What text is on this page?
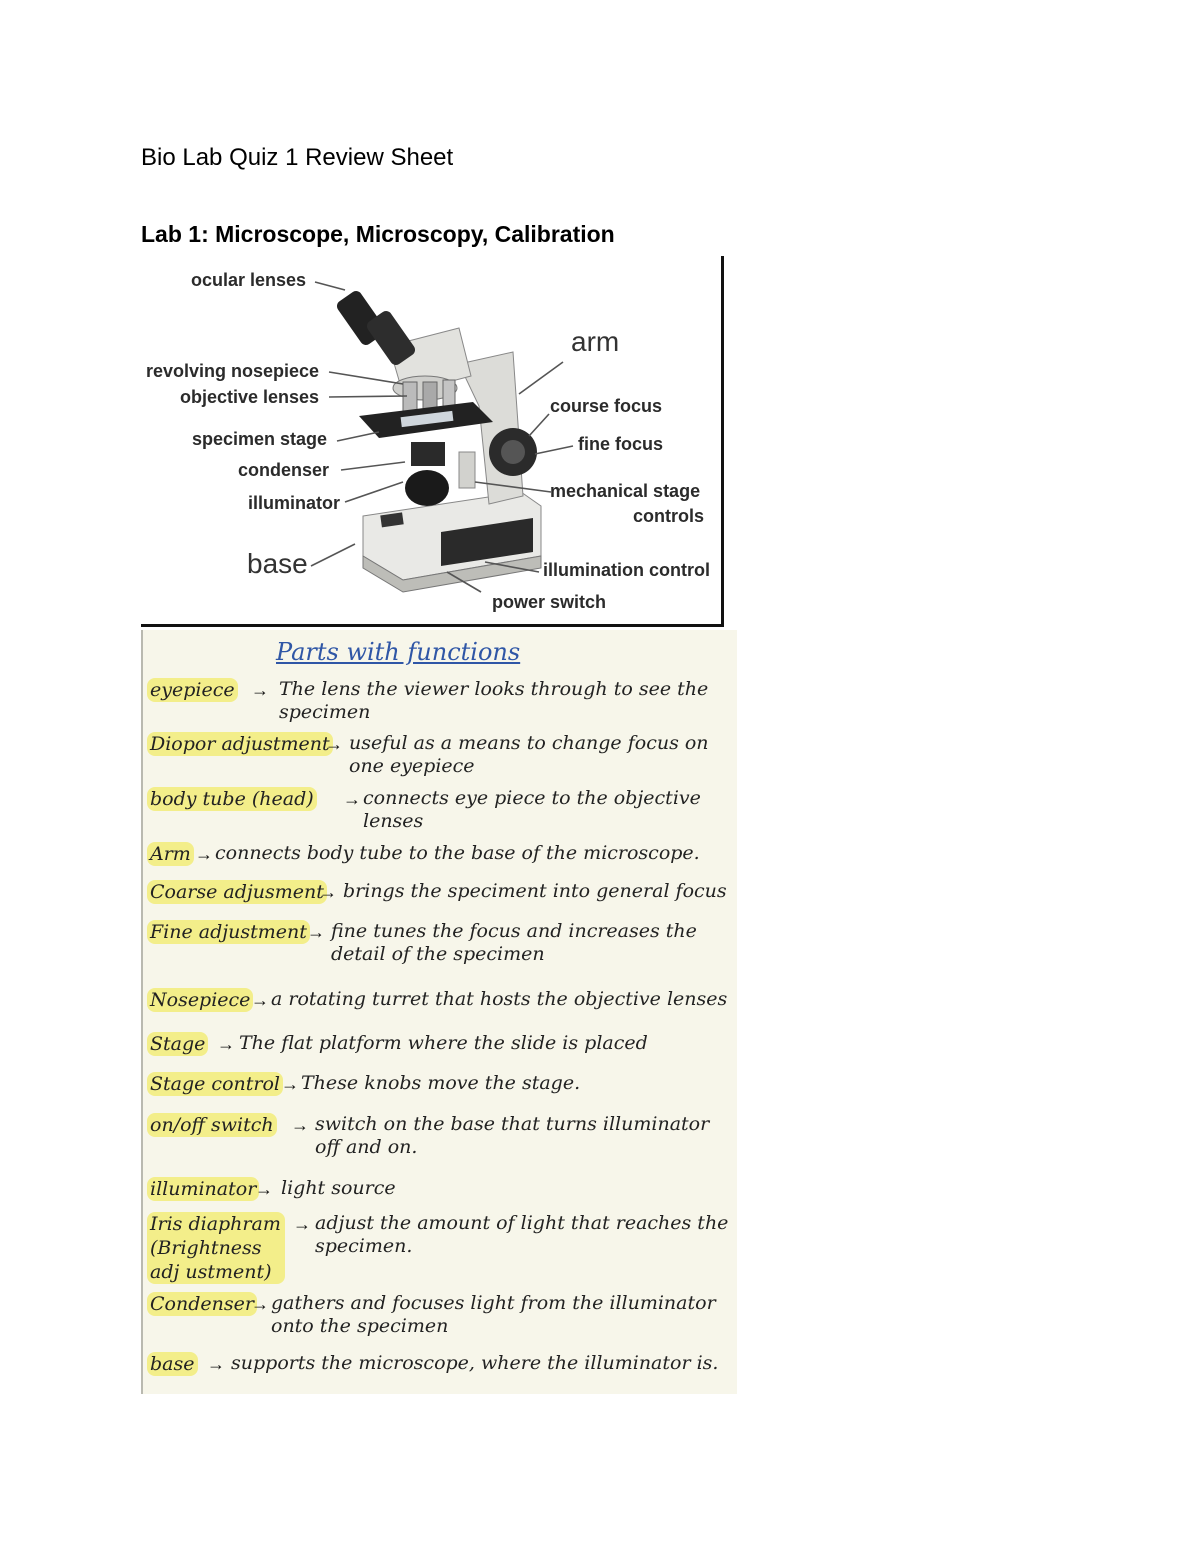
Bio Lab Quiz 1 Review Sheet
Lab 1: Microscope, Microscopy, Calibration
ocular lenses
revolving nosepiece
objective lenses
specimen stage
condenser
illuminator
base
arm
course focus
fine focus
mechanical stage
controls
illumination control
power switch
Parts with functions
eyepiece → The lens the viewer looks through to see the specimen
Diopor adjustment
→ useful as a means to change focus on one eyepiece
body tube (head) → connects eye piece to the objective lenses
Arm → connects body tube to the base of the microscope.
Coarse adjusment
→ brings the speciment into general focus
Fine adjustment → fine tunes the focus and increases the detail of the specimen
Nosepiece → a rotating turret that hosts the objective lenses
Stage → The flat platform where the slide is placed
Stage control → These knobs move the stage.
on/off switch → switch on the base that turns illuminator off and on.
illuminator
→ light source
Iris diaphram (Brightness adj ustment)
→ adjust the amount of light that reaches the specimen.
Condenser
→ gathers and focuses light from the illuminator onto the specimen
base → supports the microscope, where the illuminator is.
